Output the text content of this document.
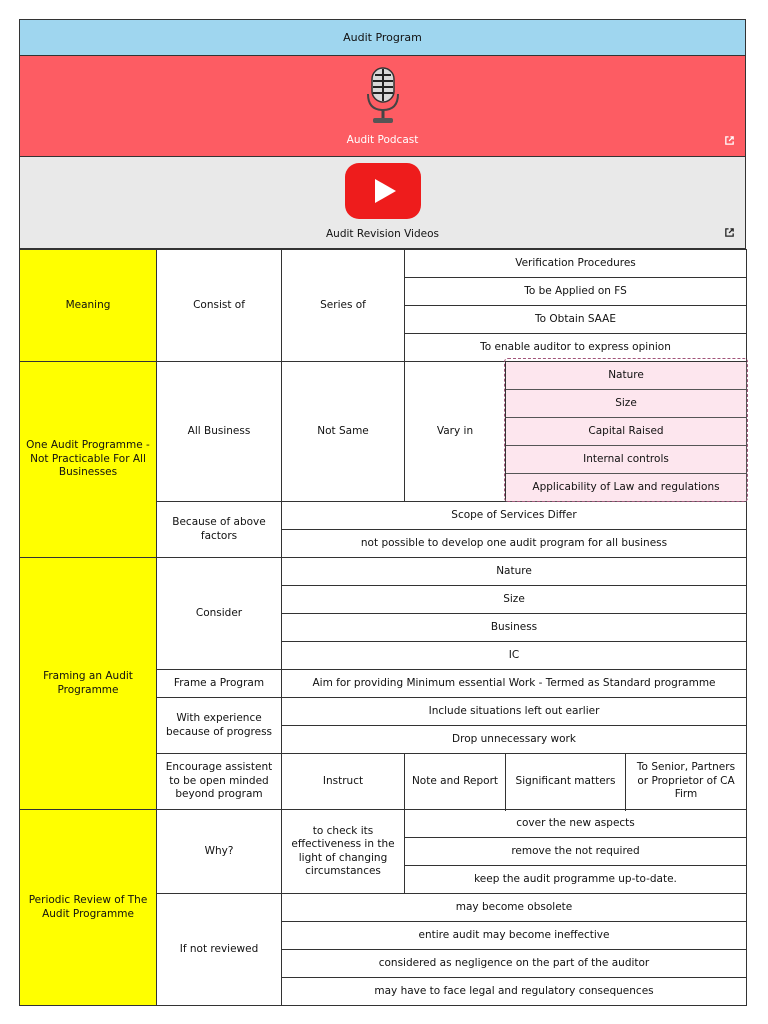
Audit Program
Audit Podcast
Audit Revision Videos
Meaning	Consist of	Series of	Verification Procedures		
			To be Applied on FS		
			To Obtain SAAE		
			To enable auditor to express opinion		
One Audit Programme - Not Practicable For All Businesses	All Business	Not Same	Vary in	Nature	
				Size	
				Capital Raised	
				Internal controls	
				Applicability of Law and regulations	
	Because of above factors	Scope of Services Differ			
		not possible to develop one audit program for all business			
Framing an Audit Programme	Consider	Nature			
		Size			
		Business			
		IC			
	Frame a Program	Aim for providing Minimum essential Work - Termed as Standard programme			
	With experience because of progress	Include situations left out earlier			
		Drop unnecessary work			
	Encourage assistent to be open minded beyond program	Instruct	Note and Report	Significant matters	To Senior, Partners or Proprietor of CA Firm

Periodic Review of The Audit Programme	Why?	to check its effectiveness in the light of changing circumstances	cover the new aspects		
			remove the not required		
			keep the audit programme up-to-date.		
	If not reviewed	may become obsolete			
		entire audit may become ineffective			
		considered as negligence on the part of the auditor			
		may have to face legal and regulatory consequences			
